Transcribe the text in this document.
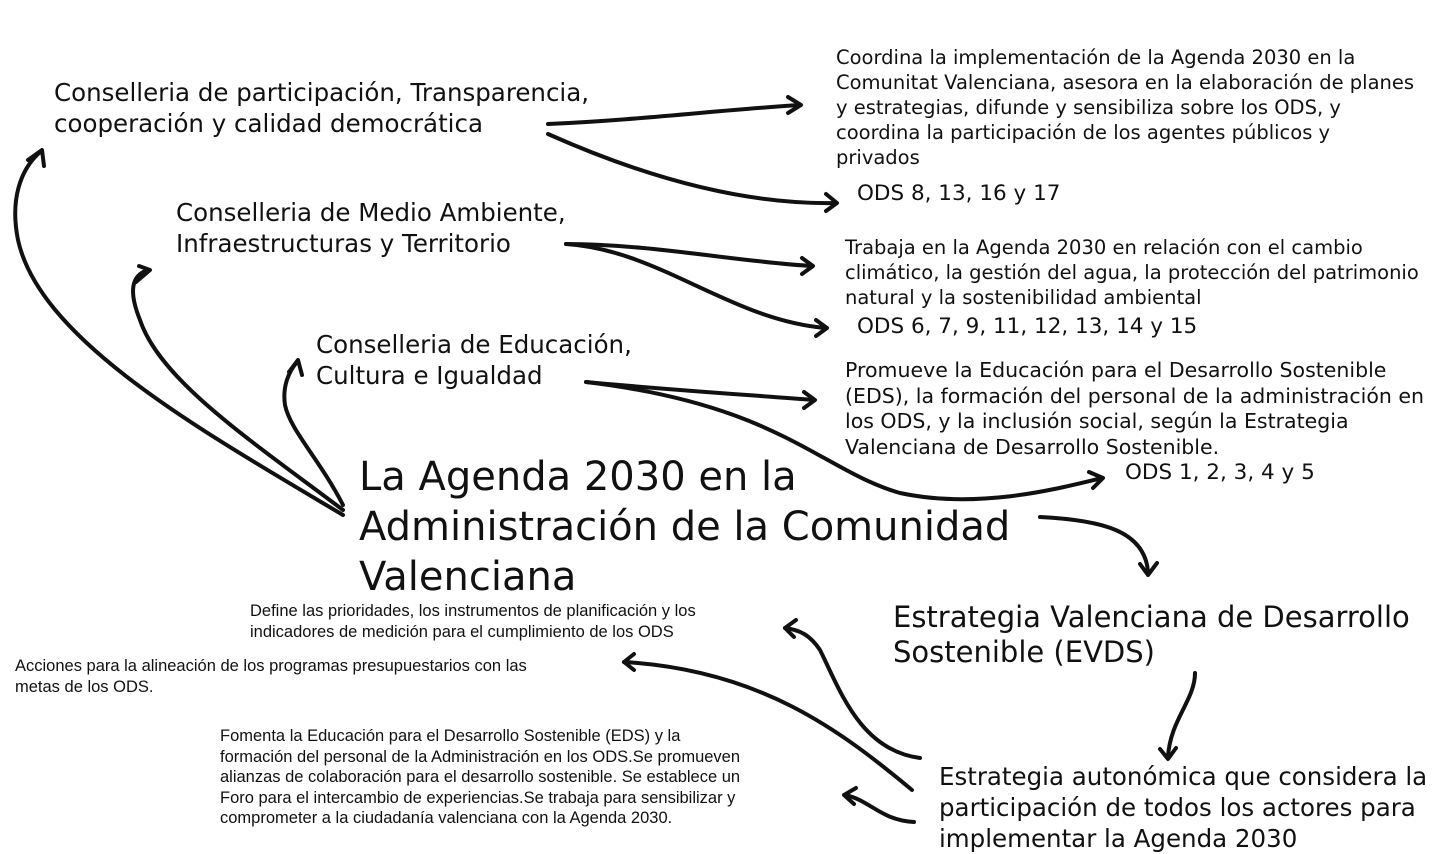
La Agenda 2030 en la
Administración de la Comunidad
Valenciana
Conselleria de participación, Transparencia,
cooperación y calidad democrática
Conselleria de Medio Ambiente,
Infraestructuras y Territorio
Conselleria de Educación,
Cultura e Igualdad
Coordina la implementación de la Agenda 2030 en la
Comunitat Valenciana, asesora en la elaboración de planes
y estrategias, difunde y sensibiliza sobre los ODS, y
coordina la participación de los agentes públicos y
privados
Trabaja en la Agenda 2030 en relación con el cambio
climático, la gestión del agua, la protección del patrimonio
natural y la sostenibilidad ambiental
Promueve la Educación para el Desarrollo Sostenible
(EDS), la formación del personal de la administración en
los ODS, y la inclusión social, según la Estrategia
Valenciana de Desarrollo Sostenible.
ODS 8, 13, 16 y 17
ODS 6, 7, 9, 11, 12, 13, 14 y 15
ODS 1, 2, 3, 4 y 5
Estrategia Valenciana de Desarrollo
Sostenible (EVDS)
Estrategia autonómica que considera la
participación de todos los actores para
implementar la Agenda 2030
Define las prioridades, los instrumentos de planificación y los
indicadores de medición para el cumplimiento de los ODS
Acciones para la alineación de los programas presupuestarios con las
metas de los ODS.
Fomenta la Educación para el Desarrollo Sostenible (EDS) y la
formación del personal de la Administración en los ODS.Se promueven
alianzas de colaboración para el desarrollo sostenible. Se establece un
Foro para el intercambio de experiencias.Se trabaja para sensibilizar y
comprometer a la ciudadanía valenciana con la Agenda 2030.
